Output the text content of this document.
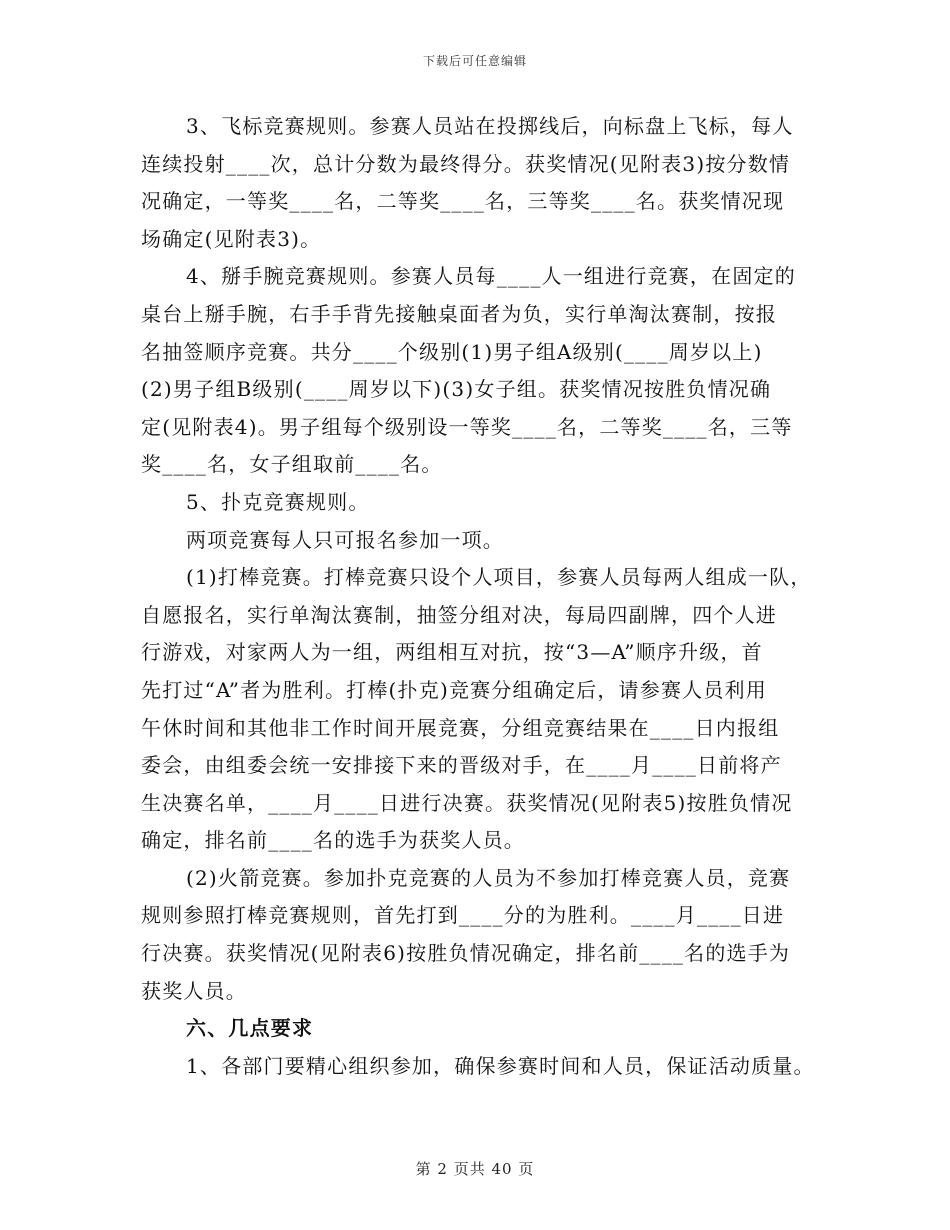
下载后可任意编辑
3、飞标竞赛规则。参赛人员站在投掷线后，向标盘上飞标，每人
连续投射____次，总计分数为最终得分。获奖情况(见附表3)按分数情
况确定，一等奖____名，二等奖____名，三等奖____名。获奖情况现
场确定(见附表3)。
4、掰手腕竞赛规则。参赛人员每____人一组进行竞赛，在固定的
桌台上掰手腕，右手手背先接触桌面者为负，实行单淘汰赛制，按报
名抽签顺序竞赛。共分____个级别(1)男子组A级别(____周岁以上)
(2)男子组B级别(____周岁以下)(3)女子组。获奖情况按胜负情况确
定(见附表4)。男子组每个级别设一等奖____名，二等奖____名，三等
奖____名，女子组取前____名。
5、扑克竞赛规则。
两项竞赛每人只可报名参加一项。
(1)打棒竞赛。打棒竞赛只设个人项目，参赛人员每两人组成一队，
自愿报名，实行单淘汰赛制，抽签分组对决，每局四副牌，四个人进
行游戏，对家两人为一组，两组相互对抗，按“3—A”顺序升级，首
先打过“A”者为胜利。打棒(扑克)竞赛分组确定后，请参赛人员利用
午休时间和其他非工作时间开展竞赛，分组竞赛结果在____日内报组
委会，由组委会统一安排接下来的晋级对手，在____月____日前将产
生决赛名单，____月____日进行决赛。获奖情况(见附表5)按胜负情况
确定，排名前____名的选手为获奖人员。
(2)火箭竞赛。参加扑克竞赛的人员为不参加打棒竞赛人员，竞赛
规则参照打棒竞赛规则，首先打到____分的为胜利。____月____日进
行决赛。获奖情况(见附表6)按胜负情况确定，排名前____名的选手为
获奖人员。
六、几点要求
1、各部门要精心组织参加，确保参赛时间和人员，保证活动质量。
第 2 页共 40 页
